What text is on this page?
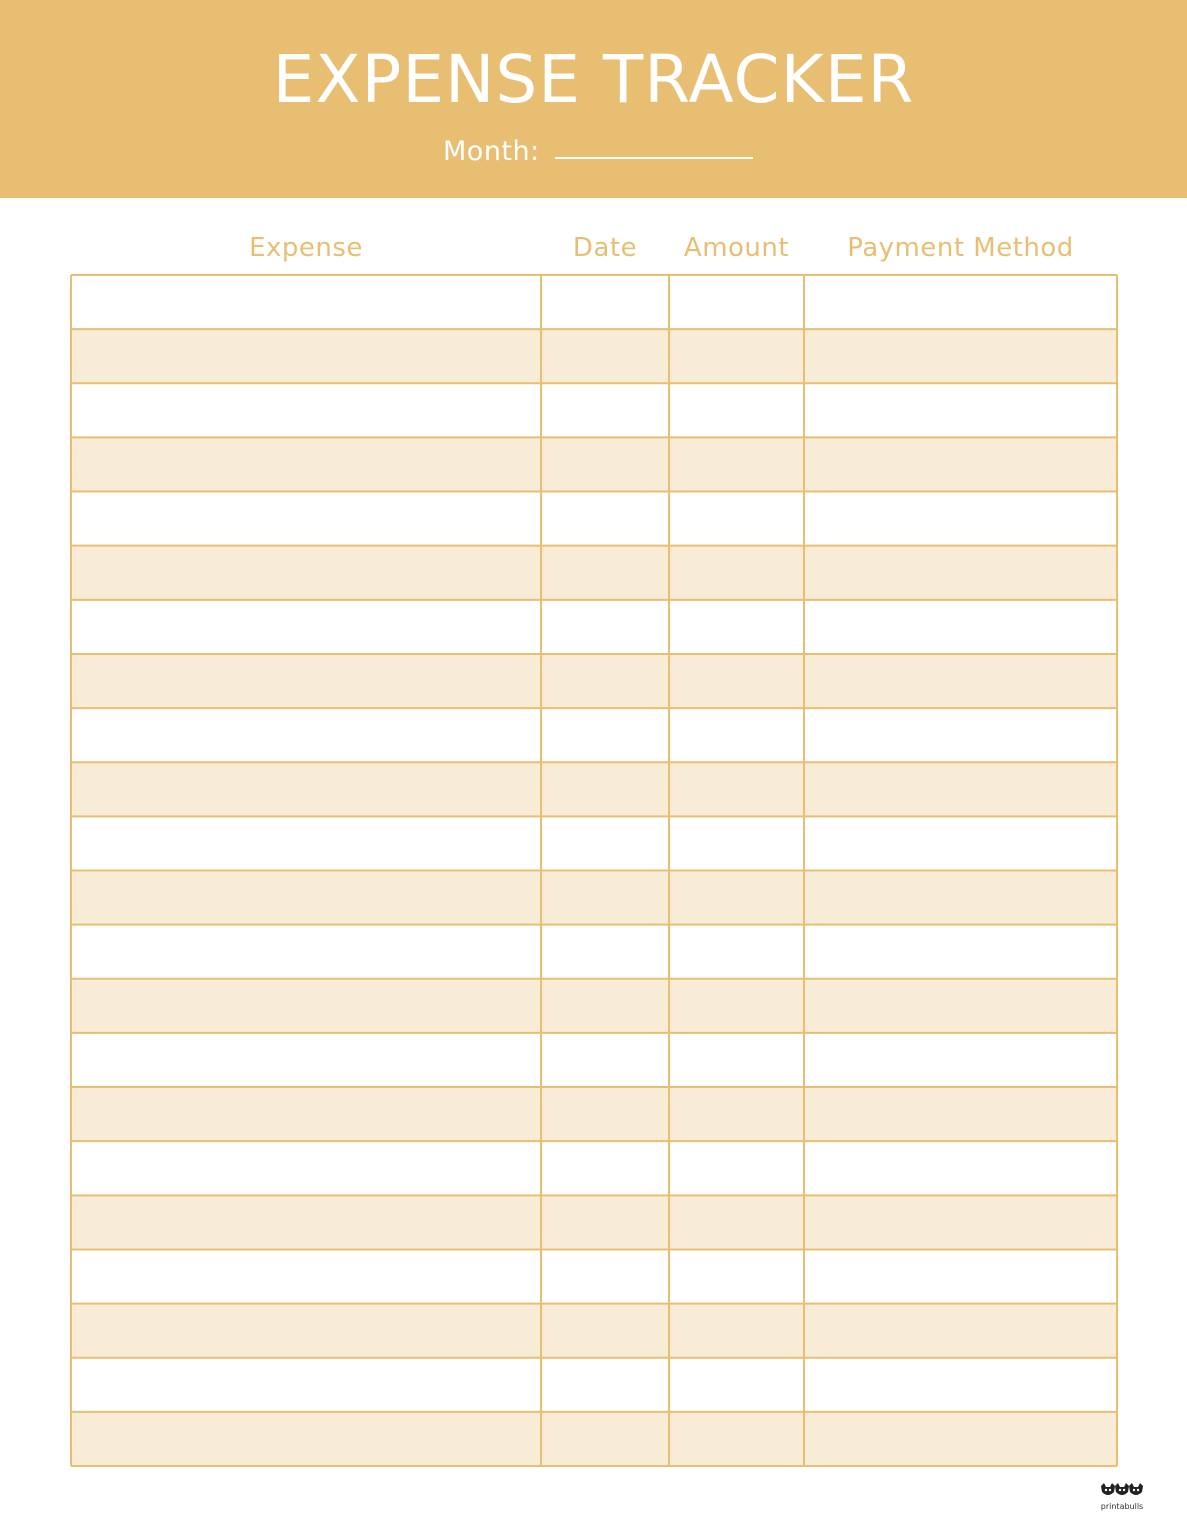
EXPENSE TRACKER
Month:
Expense	Date	Amount	Payment Method
printabulls
